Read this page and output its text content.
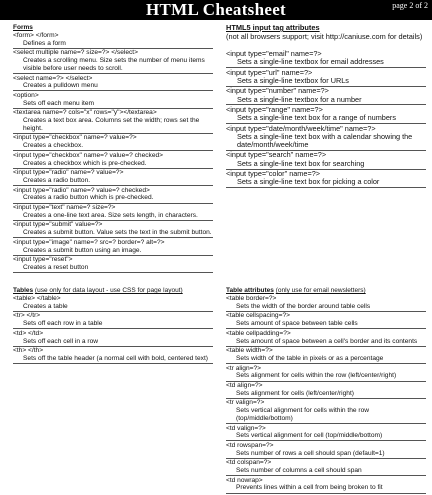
HTML Cheatsheet	page 2 of 2
Forms
<form> </form>
Defines a form
<select multiple name=? size=?> </select>
Creates a scrolling menu. Size sets the number of menu items visible before user needs to scroll.
<select name=?> </select>
Creates a pulldown menu
<option>
Sets off each menu item
<textarea name=? cols="x" rows="y"></textarea>
Creates a text box area. Columns set the width; rows set the height.
<input type="checkbox" name=? value=?>
Creates a checkbox.
<input type="checkbox" name=? value=? checked>
Creates a checkbox which is pre-checked.
<input type="radio" name=? value=?>
Creates a radio button.
<input type="radio" name=? value=? checked>
Creates a radio button which is pre-checked.
<input type="text" name=? size=?>
Creates a one-line text area. Size sets length, in characters.
<input type="submit" value=?>
Creates a submit button. Value sets the text in the submit button.
<input type="image" name=? src=? border=? alt=?>
Creates a submit button using an image.
<input type="reset">
Creates a reset button
Tables (use only for data layout - use CSS for page layout)
<table> </table>
Creates a table
<tr> </tr>
Sets off each row in a table
<td> </td>
Sets off each cell in a row
<th> </th>
Sets off the table header (a normal cell with bold, centered text)
HTML5 input tag attributes
(not all browsers support; visit http://caniuse.com for details)
<input type="email" name=?>
Sets a single-line textbox for email addresses
<input type="url" name=?>
Sets a single-line textbox for URLs
<input type="number" name=?>
Sets a single-line textbox for a number
<input type="range" name=?>
Sets a single-line text box for a range of numbers
<input type="date/month/week/time" name=?>
Sets a single-line text box with a calendar showing the date/month/week/time
<input type="search" name=?>
Sets a single-line text box for searching
<input type="color" name=?>
Sets a single-line text box for picking a color
Table attributes (only use for email newsletters)
<table border=?>
Sets the width of the border around table cells
<table cellspacing=?>
Sets amount of space between table cells
<table cellpadding=?>
Sets amount of space between a cell's border and its contents
<table width=?>
Sets width of the table in pixels or as a percentage
<tr align=?>
Sets alignment for cells within the row (left/center/right)
<td align=?>
Sets alignment for cells (left/center/right)
<tr valign=?>
Sets vertical alignment for cells within the row (top/middle/bottom)
<td valign=?>
Sets vertical alignment for cell (top/middle/bottom)
<td rowspan=?>
Sets number of rows a cell should span (default=1)
<td colspan=?>
Sets number of columns a cell should span
<td nowrap>
Prevents lines within a cell from being broken to fit
